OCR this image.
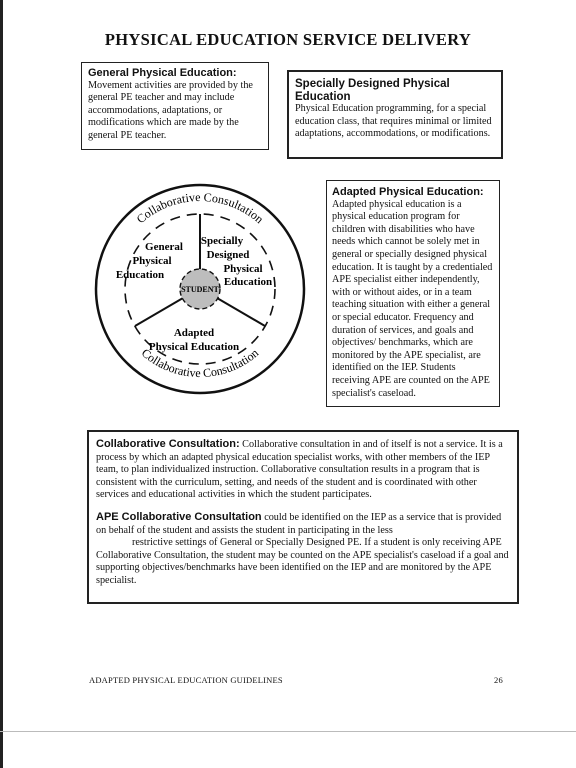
PHYSICAL EDUCATION SERVICE DELIVERY
General Physical Education:
Movement activities are provided by the general PE teacher and may include accommodations, adaptations, or modifications which are made by the general PE teacher.
Specially Designed Physical Education
Physical Education programming, for a special education class, that requires minimal or limited adaptations, accommodations, or modifications.
Adapted Physical Education:
Adapted physical education is a physical education program for children with disabilities who have needs which cannot be solely met in general or specially designed physical education. It is taught by a credentialed APE specialist either independently, with or without aides, or in a team teaching situation with either a general or special educator. Frequency and duration of services, and goals and objectives/ benchmarks, which are monitored by the APE specialist, are identified on the IEP. Students receiving APE are counted on the APE specialist's caseload.
STUDENT
General
Physical
Education
Specially
Designed
Physical
Education
Adapted
Physical Education
Collaborative Consultation
Collaborative Consultation

Collaborative Consultation: Collaborative consultation in and of itself is not a service. It is a process by which an adapted physical education specialist works, with other members of the IEP team, to plan individualized instruction. Collaborative consultation results in a program that is consistent with the curriculum, setting, and needs of the student and is coordinated with other services and educational activities in which the student participates.

APE Collaborative Consultation could be identified on the IEP as a service that is provided on behalf of the student and assists the student in participating in the less
restrictive settings of General or Specially Designed PE. If a student is only receiving APE Collaborative Consultation, the student may be counted on the APE specialist's caseload if a goal and supporting objectives/benchmarks have been identified on the IEP and are monitored by the APE specialist.

ADAPTED PHYSICAL EDUCATION GUIDELINES	26
